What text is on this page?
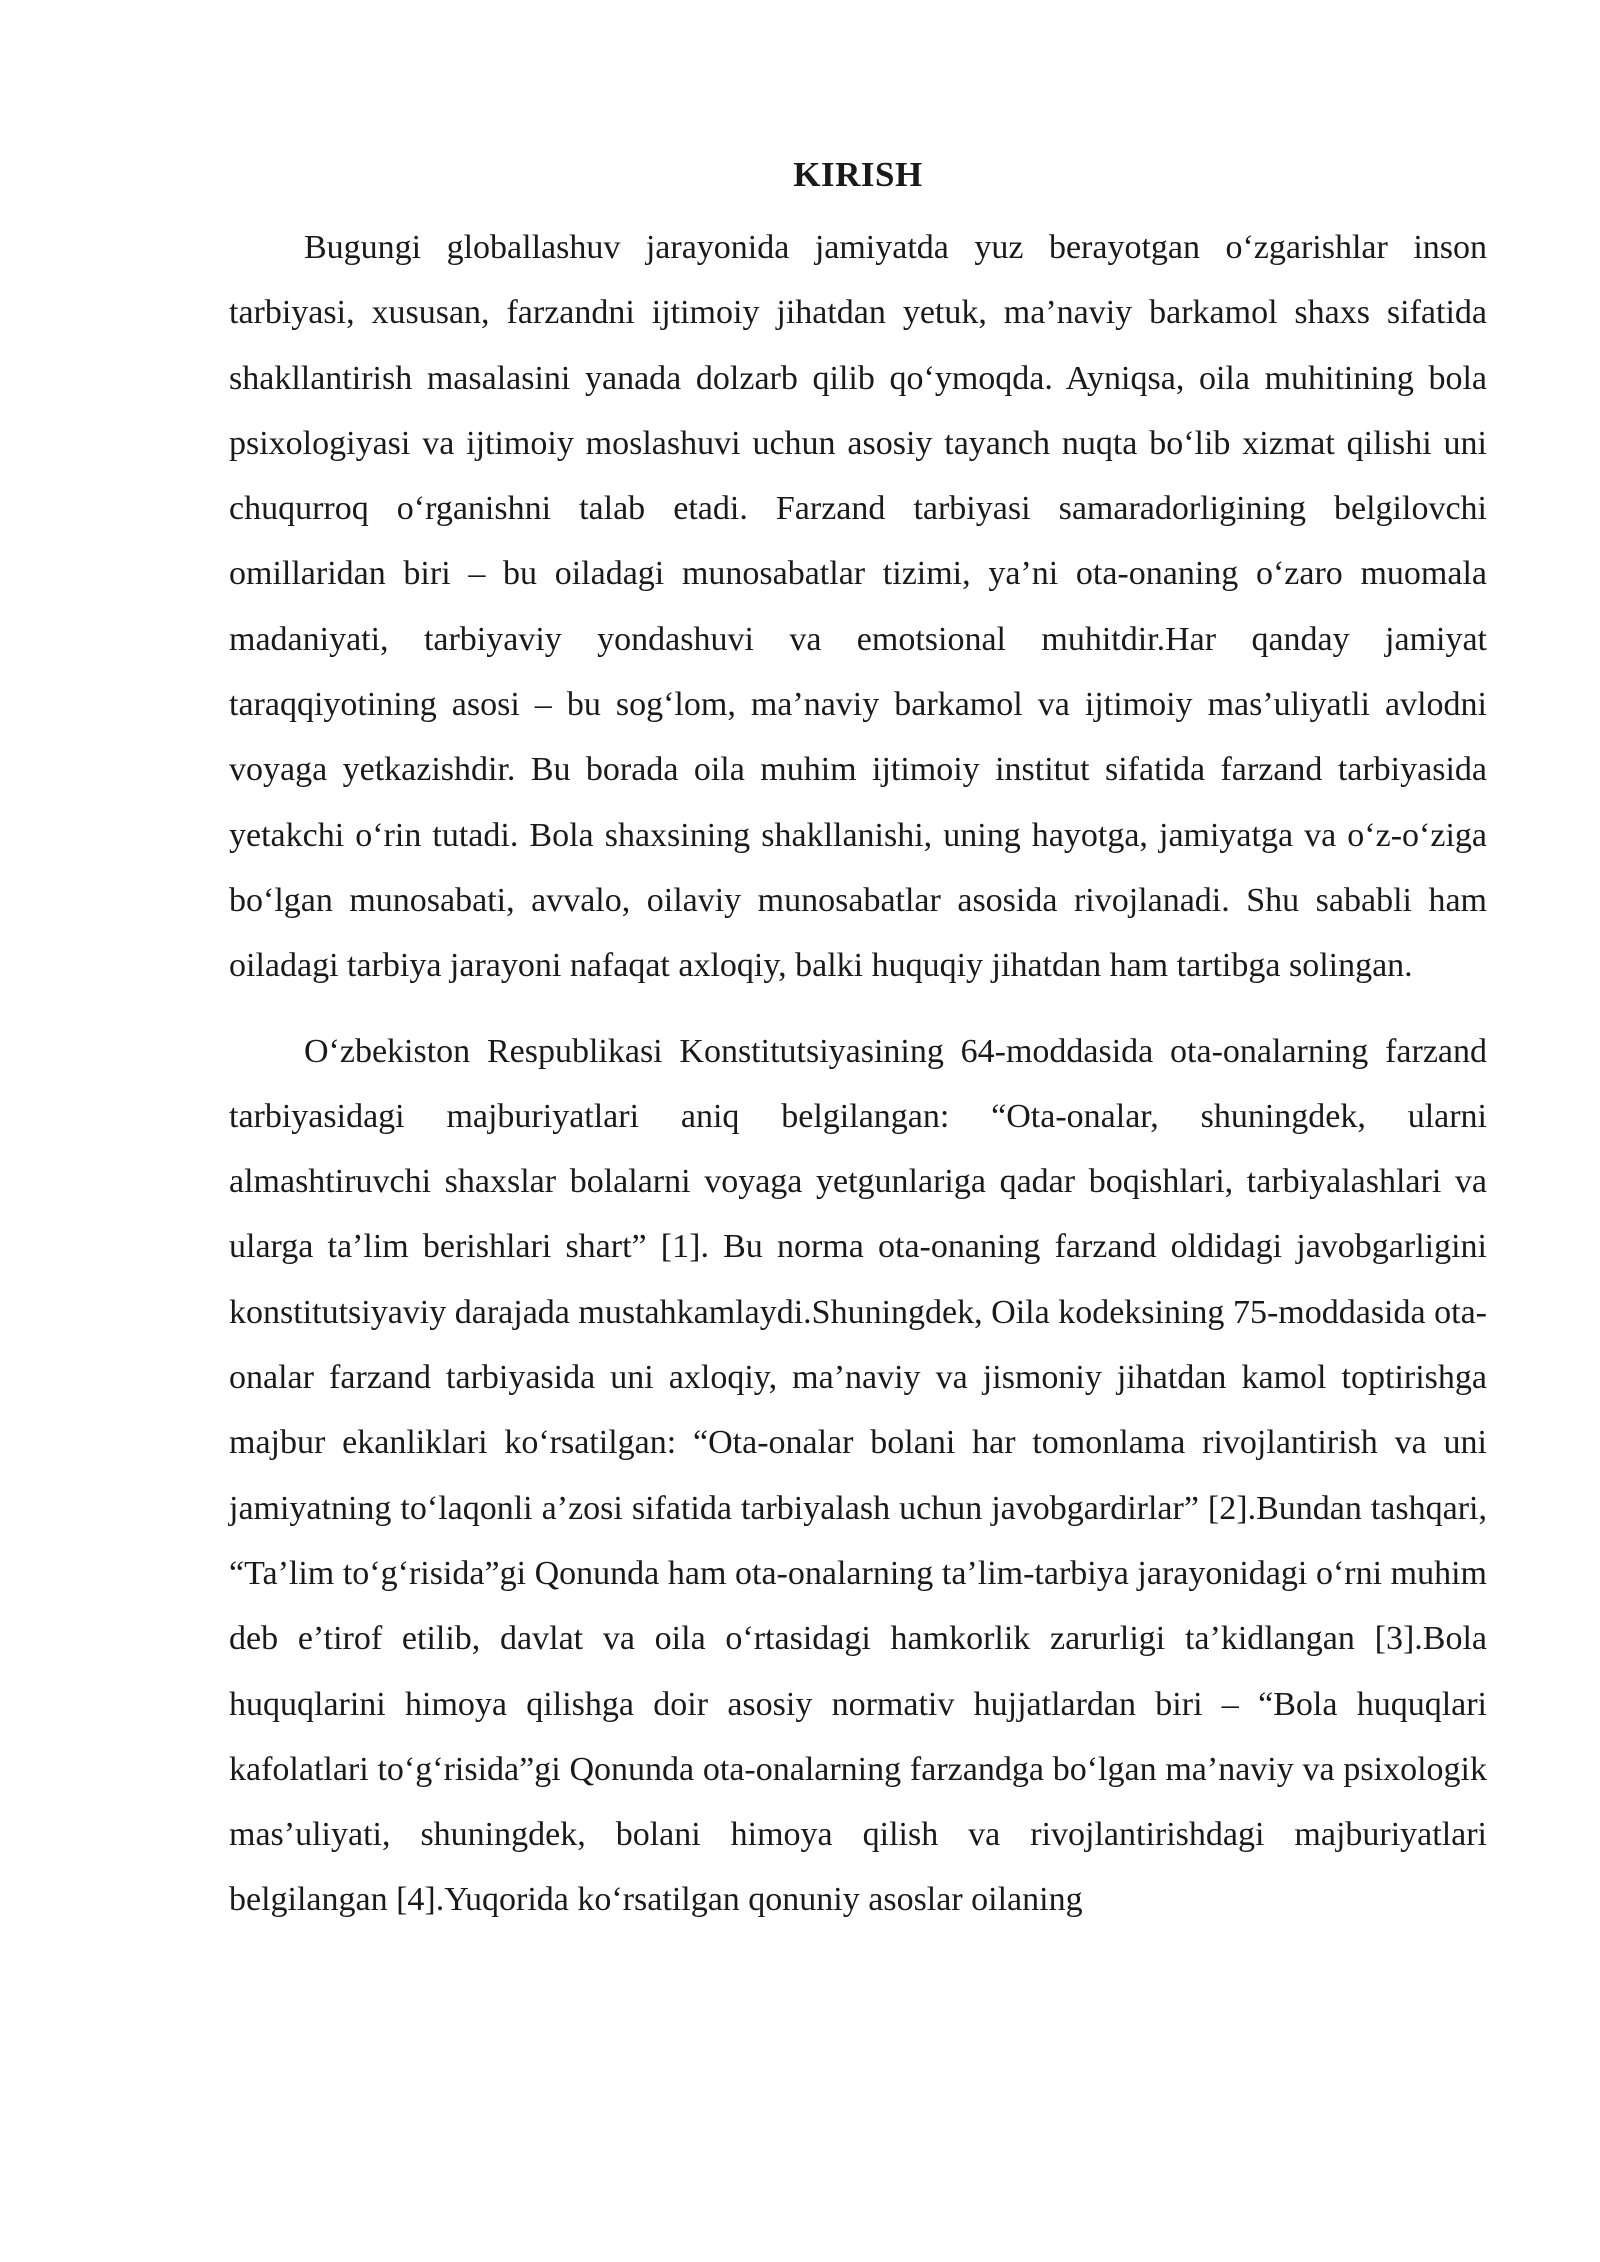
KIRISH

Bugungi globallashuv jarayonida jamiyatda yuz berayotgan o‘zgarishlar inson tarbiyasi, xususan, farzandni ijtimoiy jihatdan yetuk, ma’naviy barkamol shaxs sifatida shakllantirish masalasini yanada dolzarb qilib qo‘ymoqda. Ayniqsa, oila muhitining bola psixologiyasi va ijtimoiy moslashuvi uchun asosiy tayanch nuqta bo‘lib xizmat qilishi uni chuqurroq o‘rganishni talab etadi. Farzand tarbiyasi samaradorligining belgilovchi omillaridan biri – bu oiladagi munosabatlar tizimi, ya’ni ota-onaning o‘zaro muomala madaniyati, tarbiyaviy yondashuvi va emotsional muhitdir.Har qanday jamiyat taraqqiyotining asosi – bu sog‘lom, ma’naviy barkamol va ijtimoiy mas’uliyatli avlodni voyaga yetkazishdir. Bu borada oila muhim ijtimoiy institut sifatida farzand tarbiyasida yetakchi o‘rin tutadi. Bola shaxsining shakllanishi, uning hayotga, jamiyatga va o‘z-o‘ziga bo‘lgan munosabati, avvalo, oilaviy munosabatlar asosida rivojlanadi. Shu sababli ham oiladagi tarbiya jarayoni nafaqat axloqiy, balki huquqiy jihatdan ham tartibga solingan.

O‘zbekiston Respublikasi Konstitutsiyasining 64-moddasida ota-onalarning farzand tarbiyasidagi majburiyatlari aniq belgilangan: “Ota-onalar, shuningdek, ularni almashtiruvchi shaxslar bolalarni voyaga yetgunlariga qadar boqishlari, tarbiyalashlari va ularga ta’lim berishlari shart” [1]. Bu norma ota-onaning farzand oldidagi javobgarligini konstitutsiyaviy darajada mustahkamlaydi.Shuningdek, Oila kodeksining 75-moddasida ota-onalar farzand tarbiyasida uni axloqiy, ma’naviy va jismoniy jihatdan kamol toptirishga majbur ekanliklari ko‘rsatilgan: “Ota-onalar bolani har tomonlama rivojlantirish va uni jamiyatning to‘laqonli a’zosi sifatida tarbiyalash uchun javobgardirlar” [2].Bundan tashqari, “Ta’lim to‘g‘risida”gi Qonunda ham ota-onalarning ta’lim-tarbiya jarayonidagi o‘rni muhim deb e’tirof etilib, davlat va oila o‘rtasidagi hamkorlik zarurligi ta’kidlangan [3].Bola huquqlarini himoya qilishga doir asosiy normativ hujjatlardan biri – “Bola huquqlari kafolatlari to‘g‘risida”gi Qonunda ota-onalarning farzandga bo‘lgan ma’naviy va psixologik mas’uliyati, shuningdek, bolani himoya qilish va rivojlantirishdagi majburiyatlari belgilangan [4].Yuqorida ko‘rsatilgan qonuniy asoslar oilaning
